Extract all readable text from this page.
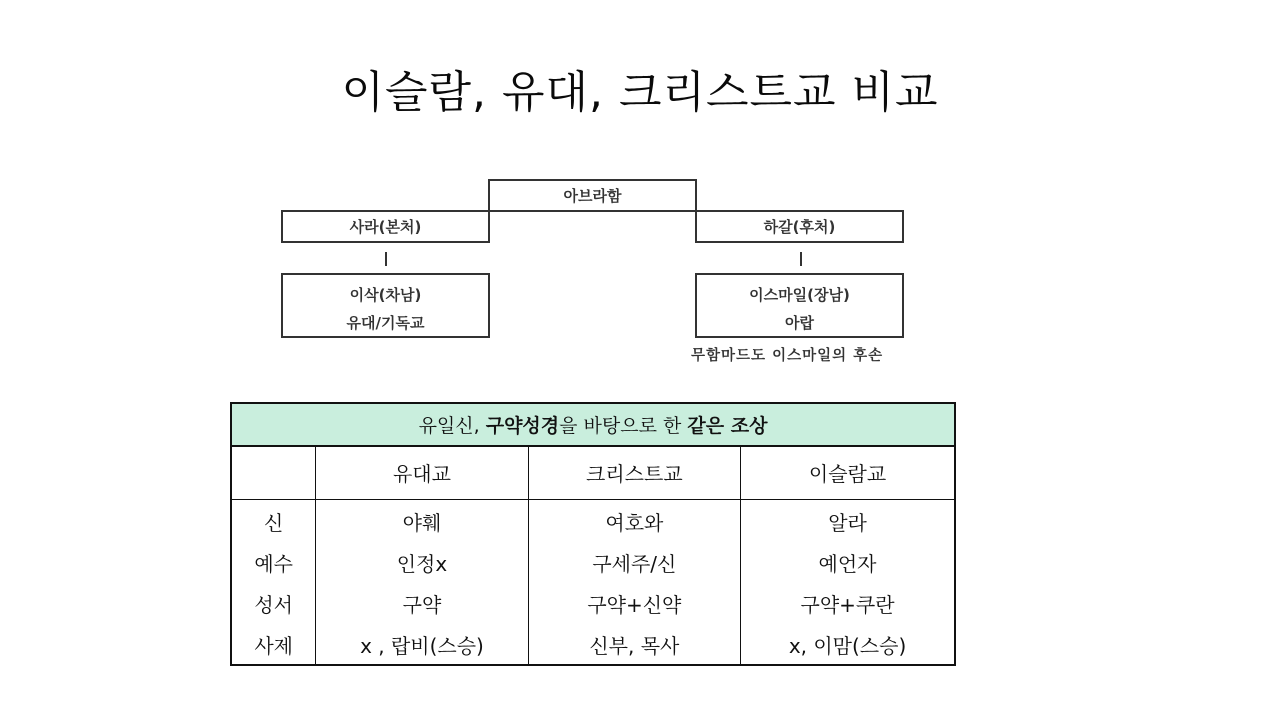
이슬람, 유대, 크리스트교 비교
아브라함
사라(본처)	하갈(후처)
이삭(차남)
유대/기독교
이스마일(장남)
아랍
무함마드도 이스마일의 후손
유일신, 구약성경을 바탕으로 한 같은 조상			
	유대교	크리스트교	이슬람교
신	야훼	여호와	알라
예수	인정x	구세주/신	예언자
성서	구약	구약+신약	구약+쿠란
사제	x , 랍비(스승)	신부, 목사	x, 이맘(스승)
